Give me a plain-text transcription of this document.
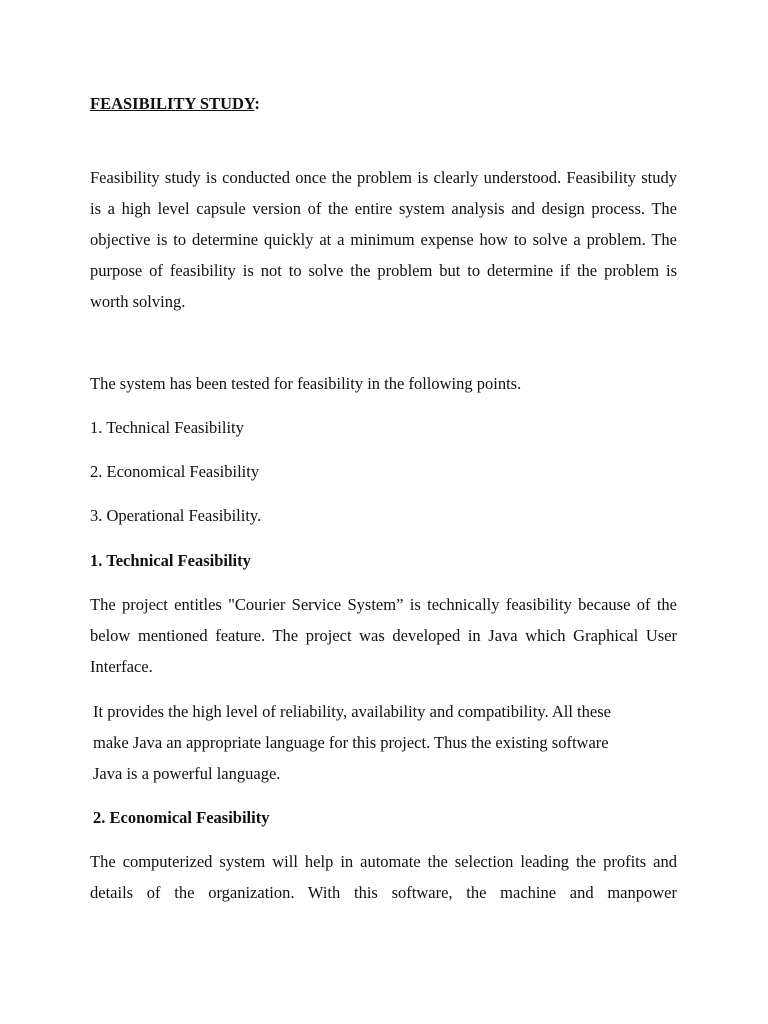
FEASIBILITY STUDY:

Feasibility study is conducted once the problem is clearly understood. Feasibility study is a high level capsule version of the entire system analysis and design process. The objective is to determine quickly at a minimum expense how to solve a problem. The purpose of feasibility is not to solve the problem but to determine if the problem is worth solving.

The system has been tested for feasibility in the following points.

1. Technical Feasibility

2. Economical Feasibility

3. Operational Feasibility.

1. Technical Feasibility

The project entitles "Courier Service System” is technically feasibility because of the below mentioned feature. The project was developed in Java which Graphical User Interface.

It provides the high level of reliability, availability and compatibility. All these make Java an appropriate language for this project. Thus the existing software Java is a powerful language.

2. Economical Feasibility

The computerized system will help in automate the selection leading the profits and details of the organization. With this software, the machine and manpower
